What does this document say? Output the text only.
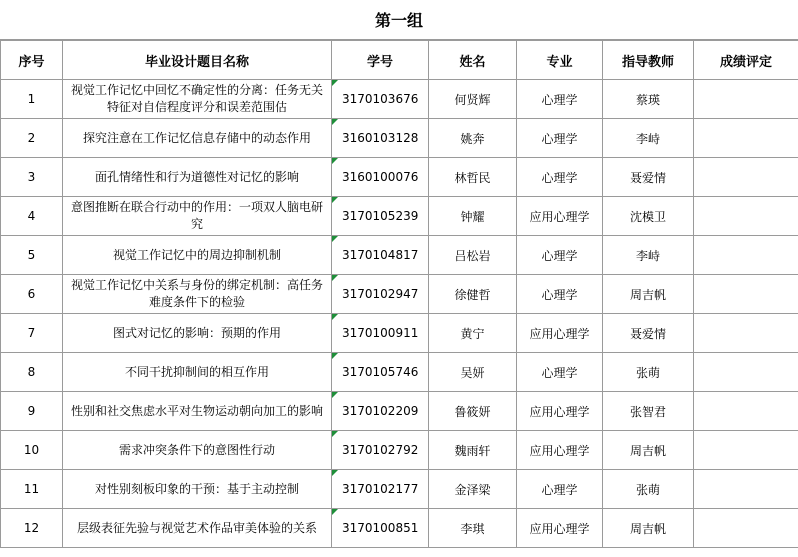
第一组
序号	毕业设计题目名称	学号	姓名	专业	指导教师	成绩评定
1	视觉工作记忆中回忆不确定性的分离：任务无关特征对自信程度评分和误差范围估	3170103676	何贤辉	心理学	蔡瑛	
2	探究注意在工作记忆信息存储中的动态作用	3160103128	姚奔	心理学	李峙	
3	面孔情绪性和行为道德性对记忆的影响	3160100076	林哲民	心理学	聂爱情	
4	意图推断在联合行动中的作用：一项双人脑电研究	3170105239	钟耀	应用心理学	沈模卫	
5	视觉工作记忆中的周边抑制机制	3170104817	吕松岩	心理学	李峙	
6	视觉工作记忆中关系与身份的绑定机制：高任务难度条件下的检验	3170102947	徐健哲	心理学	周吉帆	
7	图式对记忆的影响：预期的作用	3170100911	黄宁	应用心理学	聂爱情	
8	不同干扰抑制间的相互作用	3170105746	吴妍	心理学	张萌	
9	性别和社交焦虑水平对生物运动朝向加工的影响	3170102209	鲁筱妍	应用心理学	张智君	
10	需求冲突条件下的意图性行动	3170102792	魏雨轩	应用心理学	周吉帆	
11	对性别刻板印象的干预：基于主动控制	3170102177	金泽梁	心理学	张萌	
12	层级表征先验与视觉艺术作品审美体验的关系	3170100851	李琪	应用心理学	周吉帆	
